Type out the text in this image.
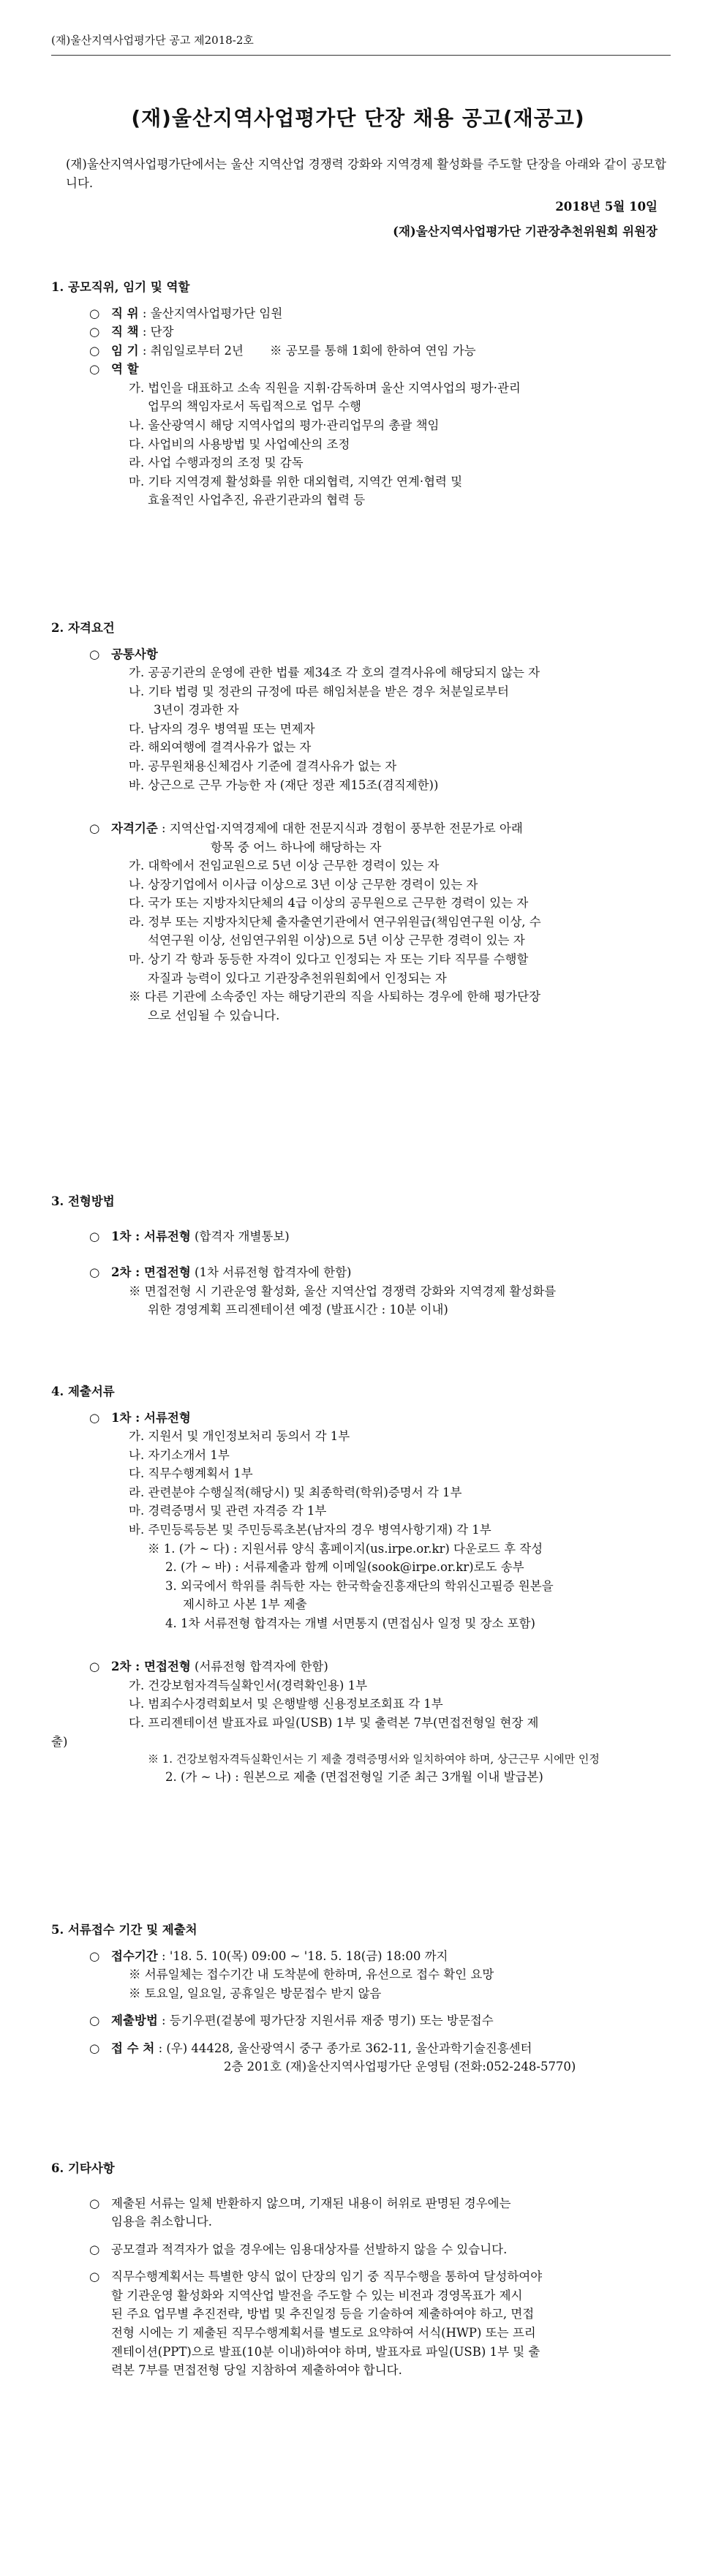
(재)울산지역사업평가단 공고 제2018-2호
(재)울산지역사업평가단 단장 채용 공고(재공고)
(재)울산지역사업평가단에서는 울산 지역산업 경쟁력 강화와 지역경제 활성화를 주도할 단장을 아래와 같이 공모합니다.
2018년 5월 10일
(재)울산지역사업평가단 기관장추천위원회 위원장
1. 공모직위, 임기 및 역할
○ 직 위 : 울산지역사업평가단 임원
○ 직 책 : 단장
○ 임 기 : 취임일로부터 2년 ※ 공모를 통해 1회에 한하여 연임 가능
○ 역 할
가. 법인을 대표하고 소속 직원을 지휘·감독하며 울산 지역사업의 평가·관리
업무의 책임자로서 독립적으로 업무 수행
나. 울산광역시 해당 지역사업의 평가·관리업무의 총괄 책임
다. 사업비의 사용방법 및 사업예산의 조정
라. 사업 수행과정의 조정 및 감독
마. 기타 지역경제 활성화를 위한 대외협력, 지역간 연계·협력 및
효율적인 사업추진, 유관기관과의 협력 등
2. 자격요건
○ 공통사항
가. 공공기관의 운영에 관한 법률 제34조 각 호의 결격사유에 해당되지 않는 자
나. 기타 법령 및 정관의 규정에 따른 해임처분을 받은 경우 처분일로부터
3년이 경과한 자
다. 남자의 경우 병역필 또는 면제자
라. 해외여행에 결격사유가 없는 자
마. 공무원채용신체검사 기준에 결격사유가 없는 자
바. 상근으로 근무 가능한 자 (재단 정관 제15조(겸직제한))
○ 자격기준 : 지역산업·지역경제에 대한 전문지식과 경험이 풍부한 전문가로 아래
항목 중 어느 하나에 해당하는 자
가. 대학에서 전임교원으로 5년 이상 근무한 경력이 있는 자
나. 상장기업에서 이사급 이상으로 3년 이상 근무한 경력이 있는 자
다. 국가 또는 지방자치단체의 4급 이상의 공무원으로 근무한 경력이 있는 자
라. 정부 또는 지방자치단체 출자출연기관에서 연구위원급(책임연구원 이상, 수
석연구원 이상, 선임연구위원 이상)으로 5년 이상 근무한 경력이 있는 자
마. 상기 각 항과 동등한 자격이 있다고 인정되는 자 또는 기타 직무를 수행할
자질과 능력이 있다고 기관장추천위원회에서 인정되는 자
※ 다른 기관에 소속중인 자는 해당기관의 직을 사퇴하는 경우에 한해 평가단장
으로 선임될 수 있습니다.
3. 전형방법
○ 1차 : 서류전형 (합격자 개별통보)
○ 2차 : 면접전형 (1차 서류전형 합격자에 한함)
※ 면접전형 시 기관운영 활성화, 울산 지역산업 경쟁력 강화와 지역경제 활성화를
위한 경영계획 프리젠테이션 예정 (발표시간 : 10분 이내)
4. 제출서류
○ 1차 : 서류전형
가. 지원서 및 개인정보처리 동의서 각 1부
나. 자기소개서 1부
다. 직무수행계획서 1부
라. 관련분야 수행실적(해당시) 및 최종학력(학위)증명서 각 1부
마. 경력증명서 및 관련 자격증 각 1부
바. 주민등록등본 및 주민등록초본(남자의 경우 병역사항기재) 각 1부
※ 1. (가 ~ 다) : 지원서류 양식 홈페이지(us.irpe.or.kr) 다운로드 후 작성
2. (가 ~ 바) : 서류제출과 함께 이메일(sook@irpe.or.kr)로도 송부
3. 외국에서 학위를 취득한 자는 한국학술진흥재단의 학위신고필증 원본을
제시하고 사본 1부 제출
4. 1차 서류전형 합격자는 개별 서면통지 (면접심사 일정 및 장소 포함)
○ 2차 : 면접전형 (서류전형 합격자에 한함)
가. 건강보험자격득실확인서(경력확인용) 1부
나. 범죄수사경력회보서 및 은행발행 신용정보조회표 각 1부
다. 프리젠테이션 발표자료 파일(USB) 1부 및 출력본 7부(면접전형일 현장 제
출)
※ 1. 건강보험자격득실확인서는 기 제출 경력증명서와 일치하여야 하며, 상근근무 시에만 인정
2. (가 ~ 나) : 원본으로 제출 (면접전형일 기준 최근 3개월 이내 발급본)
5. 서류접수 기간 및 제출처
○ 접수기간 : '18. 5. 10(목) 09:00 ~ '18. 5. 18(금) 18:00 까지
※ 서류일체는 접수기간 내 도착분에 한하며, 유선으로 접수 확인 요망
※ 토요일, 일요일, 공휴일은 방문접수 받지 않음
○ 제출방법 : 등기우편(겉봉에 평가단장 지원서류 재중 명기) 또는 방문접수
○ 접 수 처 : (우) 44428, 울산광역시 중구 종가로 362-11, 울산과학기술진흥센터
2층 201호 (재)울산지역사업평가단 운영팀 (전화:052-248-5770)
6. 기타사항
○ 제출된 서류는 일체 반환하지 않으며, 기재된 내용이 허위로 판명된 경우에는
임용을 취소합니다.
○ 공모결과 적격자가 없을 경우에는 임용대상자를 선발하지 않을 수 있습니다.
○ 직무수행계획서는 특별한 양식 없이 단장의 임기 중 직무수행을 통하여 달성하여야
할 기관운영 활성화와 지역산업 발전을 주도할 수 있는 비전과 경영목표가 제시
된 주요 업무별 추진전략, 방법 및 추진일정 등을 기술하여 제출하여야 하고, 면접
전형 시에는 기 제출된 직무수행계획서를 별도로 요약하여 서식(HWP) 또는 프리
젠테이션(PPT)으로 발표(10분 이내)하여야 하며, 발표자료 파일(USB) 1부 및 출
력본 7부를 면접전형 당일 지참하여 제출하여야 합니다.
